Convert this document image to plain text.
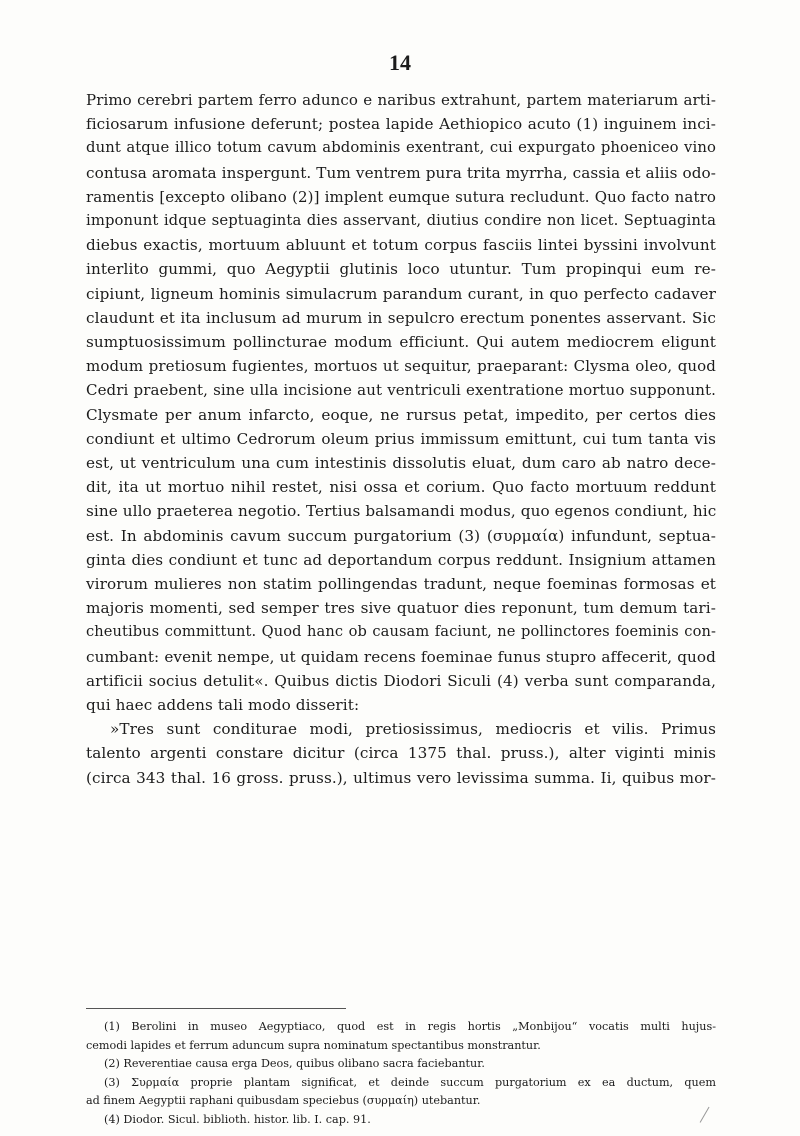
14
Primo cerebri partem ferro adunco e naribus extrahunt, partem materiarum arti-
ficiosarum infusione deferunt; postea lapide Aethiopico acuto (1) inguinem inci-
dunt atque illico totum cavum abdominis exentrant, cui expurgato phoeniceo vino
contusa aromata inspergunt. Tum ventrem pura trita myrrha, cassia et aliis odo-
ramentis [excepto olibano (2)] implent eumque sutura recludunt. Quo facto natro
imponunt idque septuaginta dies asservant, diutius condire non licet. Septuaginta
diebus exactis, mortuum abluunt et totum corpus fasciis lintei byssini involvunt
interlito gummi, quo Aegyptii glutinis loco utuntur. Tum propinqui eum re-
cipiunt, ligneum hominis simulacrum parandum curant, in quo perfecto cadaver
claudunt et ita inclusum ad murum in sepulcro erectum ponentes asservant. Sic
sumptuosissimum pollincturae modum efficiunt. Qui autem mediocrem eligunt
modum pretiosum fugientes, mortuos ut sequitur, praeparant: Clysma oleo, quod
Cedri praebent, sine ulla incisione aut ventriculi exentratione mortuo supponunt.
Clysmate per anum infarcto, eoque, ne rursus petat, impedito, per certos dies
condiunt et ultimo Cedrorum oleum prius immissum emittunt, cui tum tanta vis
est, ut ventriculum una cum intestinis dissolutis eluat, dum caro ab natro dece-
dit, ita ut mortuo nihil restet, nisi ossa et corium. Quo facto mortuum reddunt
sine ullo praeterea negotio. Tertius balsamandi modus, quo egenos condiunt, hic
est. In abdominis cavum succum purgatorium (3) (συρμαία) infundunt, septua-
ginta dies condiunt et tunc ad deportandum corpus reddunt. Insignium attamen
virorum mulieres non statim pollingendas tradunt, neque foeminas formosas et
majoris momenti, sed semper tres sive quatuor dies reponunt, tum demum tari-
cheutibus committunt. Quod hanc ob causam faciunt, ne pollinctores foeminis con-
cumbant: evenit nempe, ut quidam recens foeminae funus stupro affecerit, quod
artificii socius detulit«. Quibus dictis Diodori Siculi (4) verba sunt comparanda,
qui haec addens tali modo disserit:
»Tres sunt conditurae modi, pretiosissimus, mediocris et vilis. Primus
talento argenti constare dicitur (circa 1375 thal. pruss.), alter viginti minis
(circa 343 thal. 16 gross. pruss.), ultimus vero levissima summa. Ii, quibus mor-
(1) Berolini in museo Aegyptiaco, quod est in regis hortis „Monbijou“ vocatis multi hujus-
cemodi lapides et ferrum aduncum supra nominatum spectantibus monstrantur.
(2) Reverentiae causa erga Deos, quibus olibano sacra faciebantur.
(3) Συρμαία proprie plantam significat, et deinde succum purgatorium ex ea ductum, quem
ad finem Aegyptii raphani quibusdam speciebus (συρμαίη) utebantur.
(4) Diodor. Sicul. biblioth. histor. lib. I. cap. 91.
